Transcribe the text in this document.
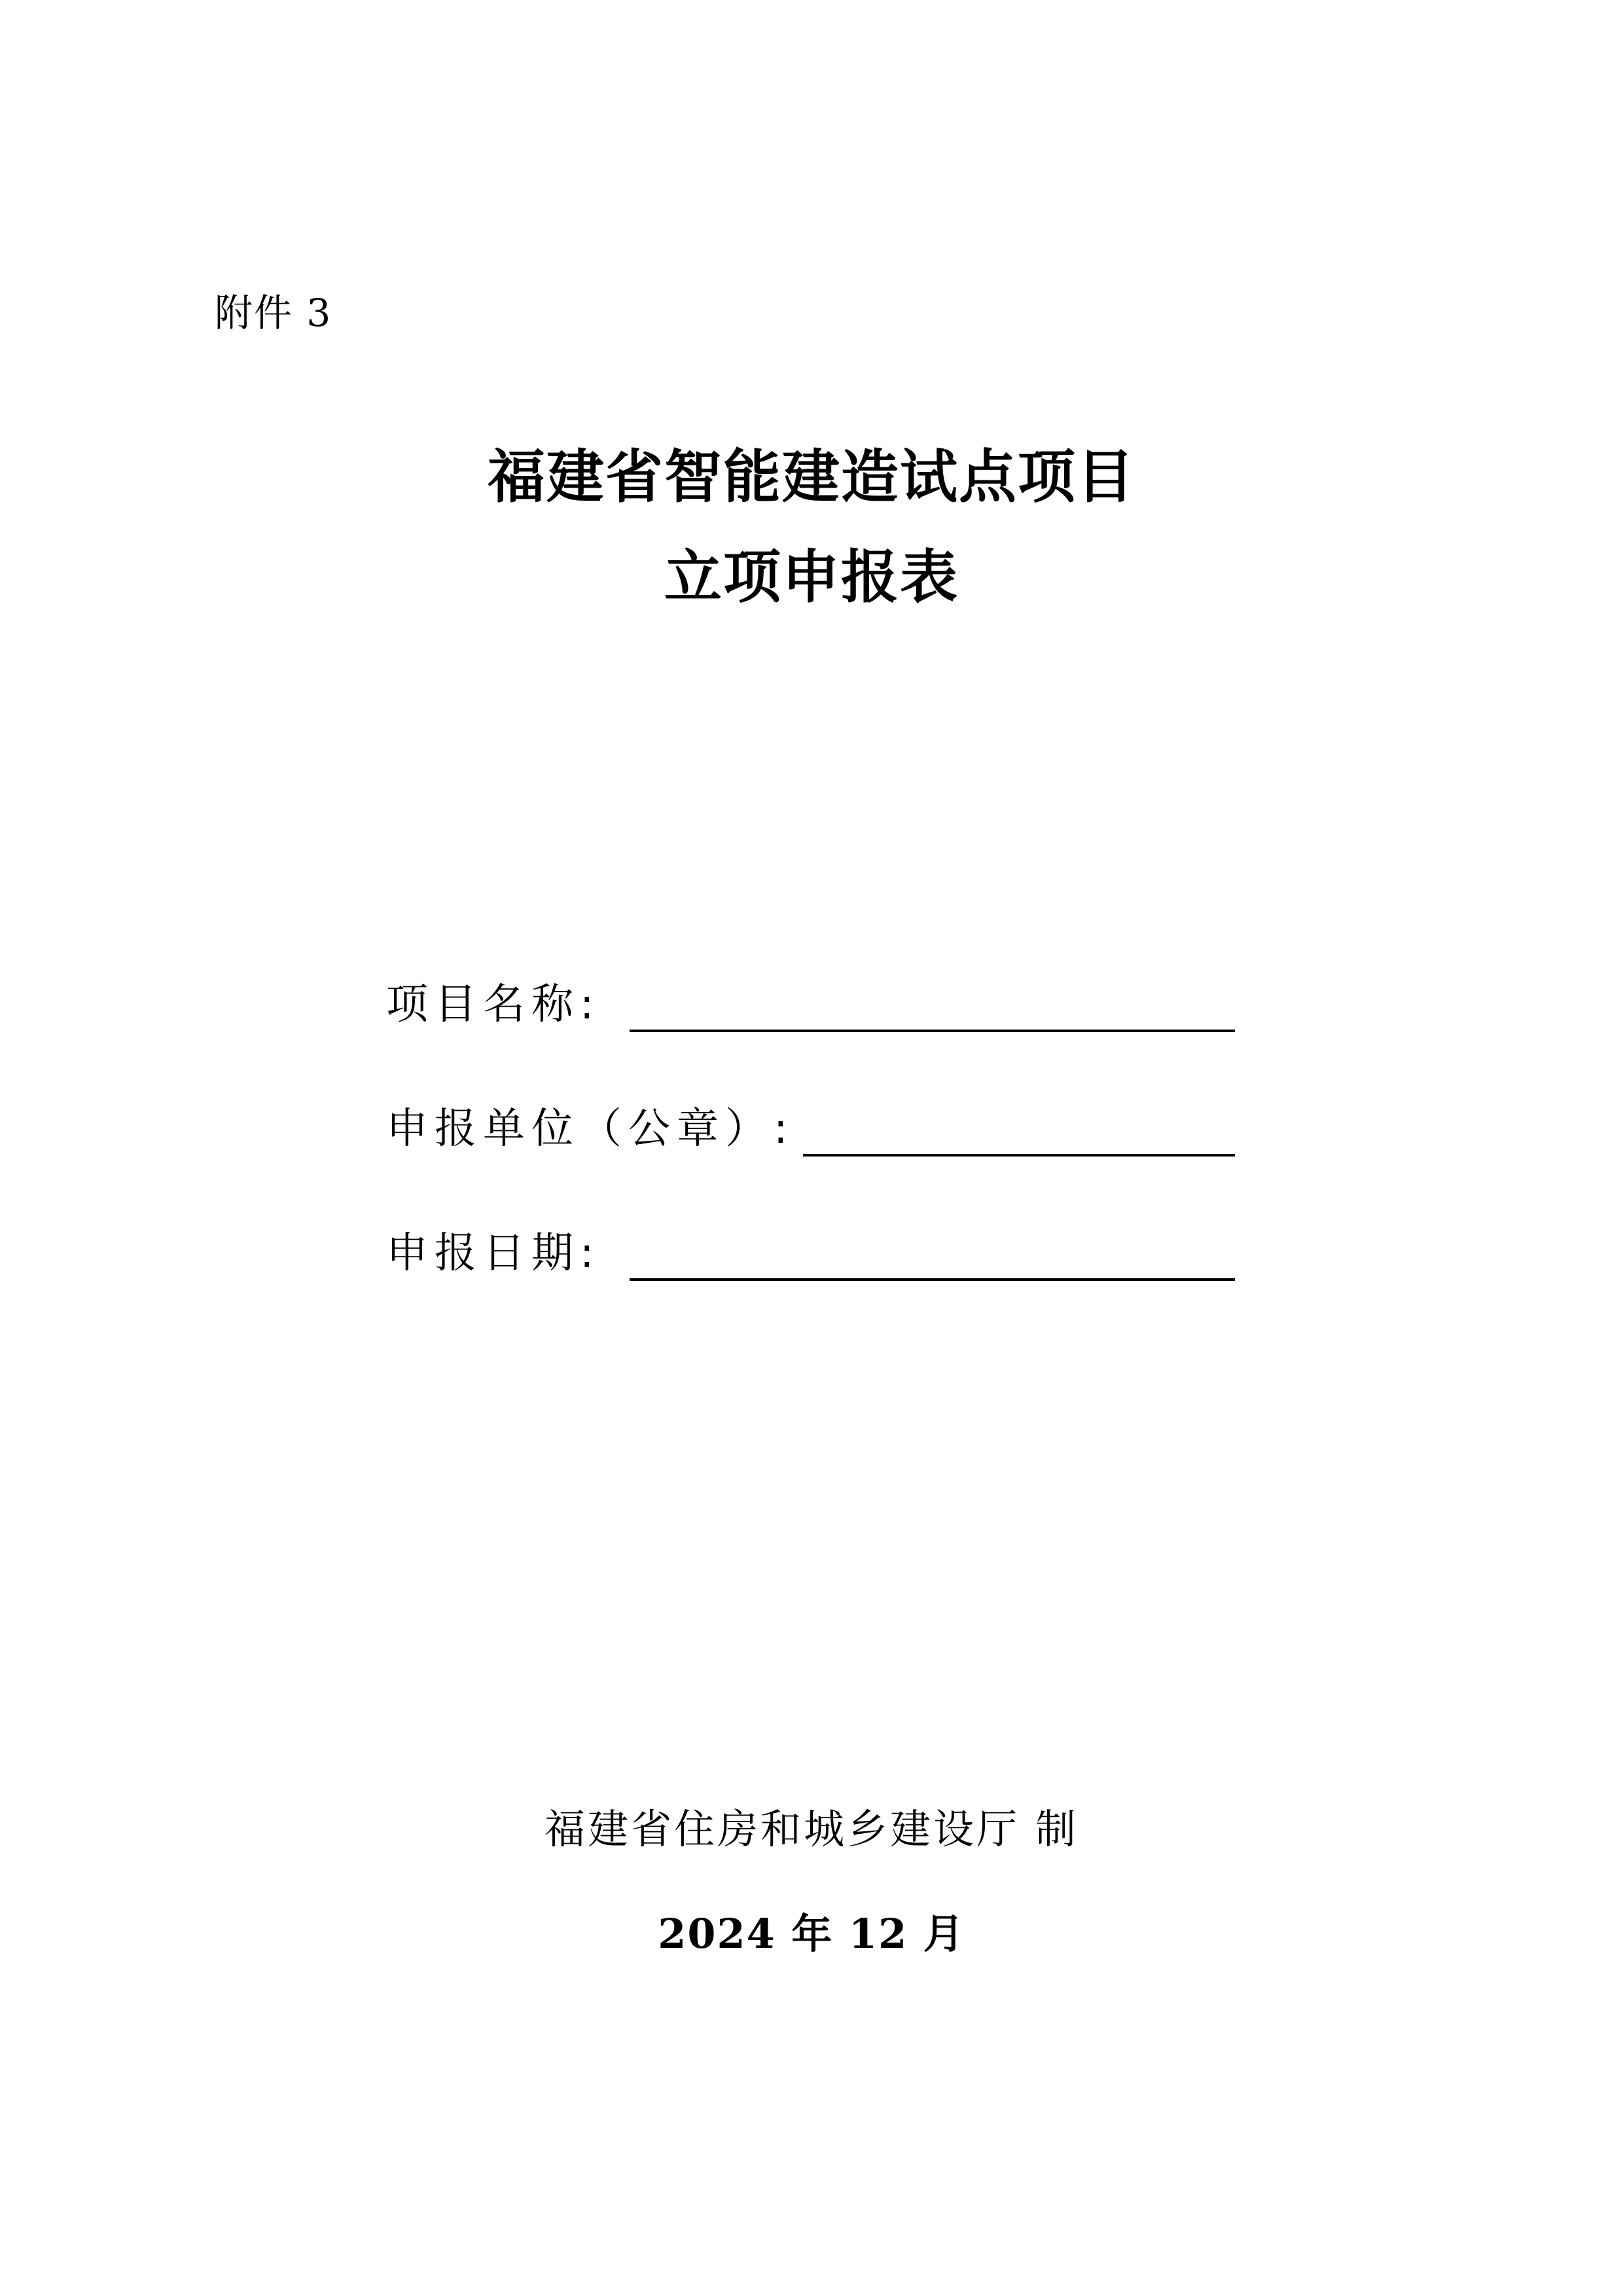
附件 3
福建省智能建造试点项目
立项申报表
项目名称:
申报单位（公章）:
申报日期:
福建省住房和城乡建设厅 制
2024 年 12 月
